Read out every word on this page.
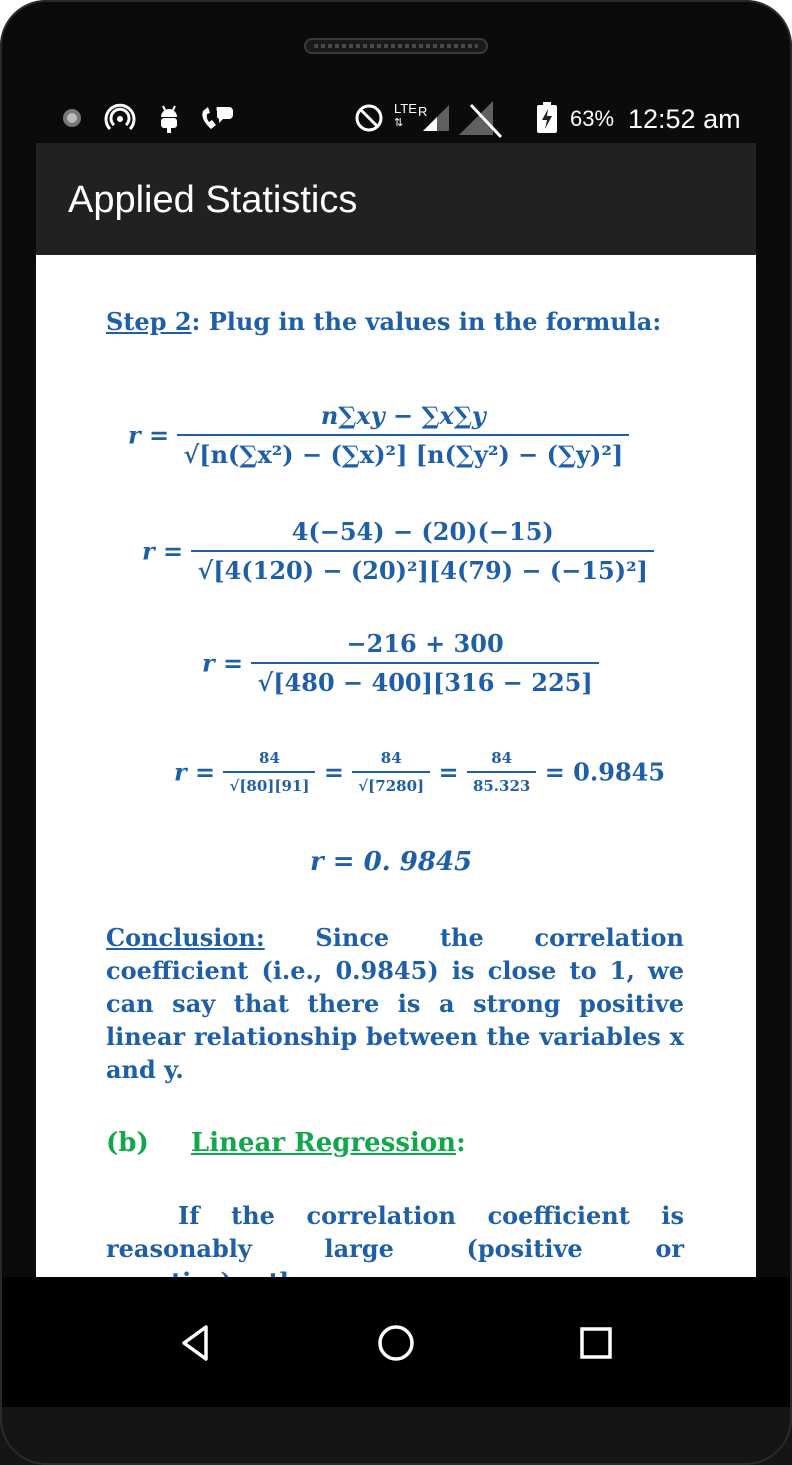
LTE
⇅
R	63% 12:52 am
Applied Statistics
Step 2: Plug in the values in the formula:
$r = \frac{n\sum xy - \sum x\sum y}{\text{√[n(∑x²) − (∑x)²] [n(∑y²) − (∑y)²]}}$
$r = \frac{4(-54) - (20)(-15)}{\text{√[4(120) − (20)²][4(79) − (−15)²]}}$
$r = \frac{-216 + 300}{√[480 - 400][316 - 225]}$
$r = \frac{84}{√[80][91]} = \frac{84}{√[7280]} = \frac{84}{85.323} = 0.9845$
r = 0. 9845
Conclusion: Since the correlation coefficient (i.e., 0.9845) is close to 1, we can say that there is a strong positive linear relationship between the variables x and y.
(b) Linear Regression:
If the correlation coefficient is reasonably large (positive or
